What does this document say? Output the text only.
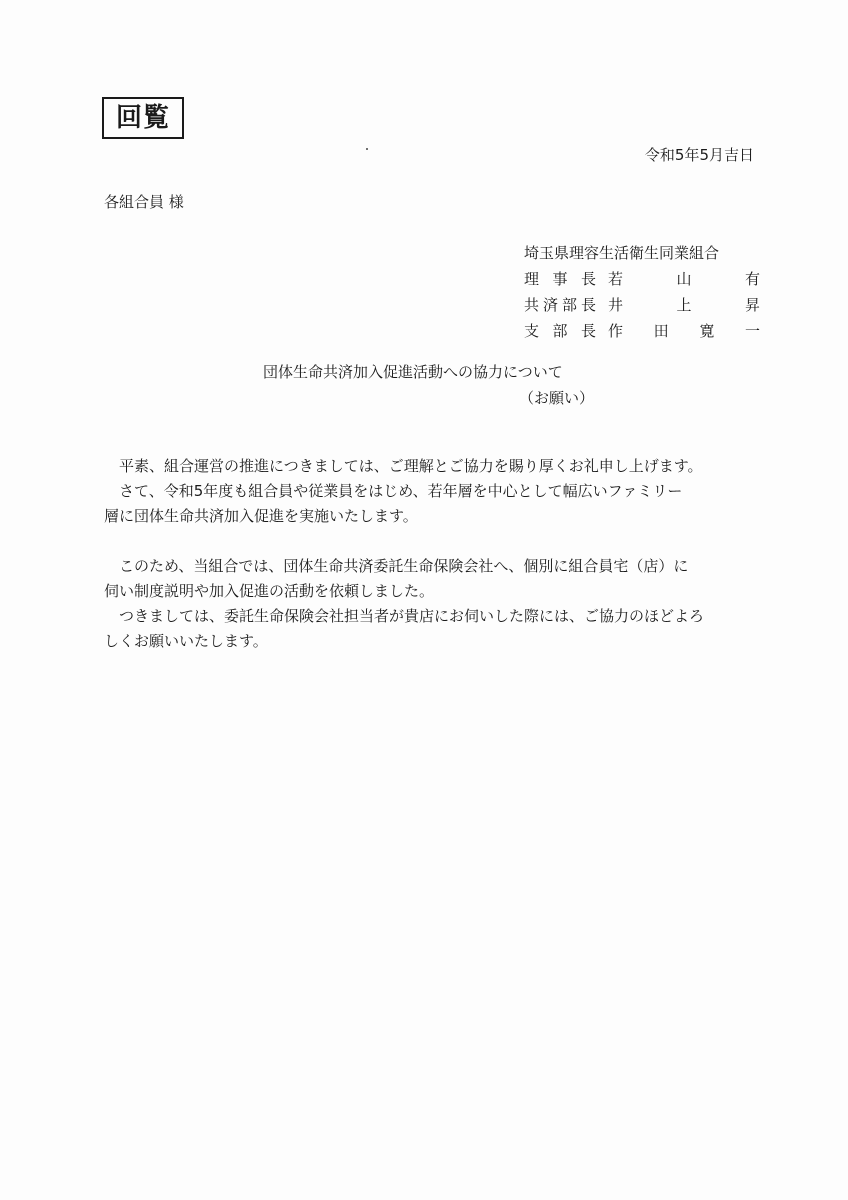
回覧
令和5年5月吉日
各組合員 様
埼玉県理容生活衛生同業組合
理 事 長 若	山	有
共 済 部 長 井	上	昇
支 部 長 作 田 寛 一
団体生命共済加入促進活動への協力について
（お願い）
　平素、組合運営の推進につきましては、ご理解とご協力を賜り厚くお礼申し上げます。
　さて、令和5年度も組合員や従業員をはじめ、若年層を中心として幅広いファミリー
層に団体生命共済加入促進を実施いたします。
　このため、当組合では、団体生命共済委託生命保険会社へ、個別に組合員宅（店）に
伺い制度説明や加入促進の活動を依頼しました。
　つきましては、委託生命保険会社担当者が貴店にお伺いした際には、ご協力のほどよろ
しくお願いいたします。
